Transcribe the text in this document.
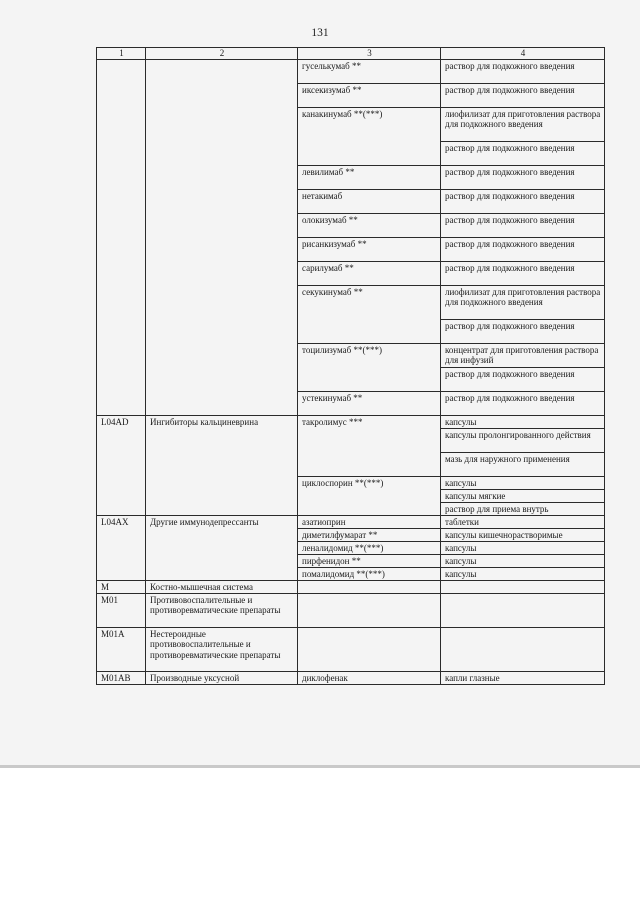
131
1	2	3	4
		гуселькумаб **	раствор для подкожного введения
		иксекизумаб **	раствор для подкожного введения
		канакинумаб **(***)	лиофилизат для приготовления раствора для подкожного введения
			раствор для подкожного введения
		левилимаб **	раствор для подкожного введения
		нетакимаб	раствор для подкожного введения
		олокизумаб **	раствор для подкожного введения
		рисанкизумаб **	раствор для подкожного введения
		сарилумаб **	раствор для подкожного введения
		секукинумаб **	лиофилизат для приготовления раствора для подкожного введения
			раствор для подкожного введения
		тоцилизумаб **(***)	концентрат для приготовления раствора для инфузий
			раствор для подкожного введения
		устекинумаб **	раствор для подкожного введения
L04AD	Ингибиторы кальциневрина	такролимус ***	капсулы
			капсулы пролонгированного действия
			мазь для наружного применения
		циклоспорин **(***)	капсулы
			капсулы мягкие
			раствор для приема внутрь
L04AX	Другие иммунодепрессанты	азатиоприн	таблетки
		диметилфумарат **	капсулы кишечнорастворимые
		леналидомид **(***)	капсулы
		пирфенидон **	капсулы
		помалидомид **(***)	капсулы
M	Костно-мышечная система		
M01	Противовоспалительные и противоревматические препараты		
M01A	Нестероидные противовоспалительные и противоревматические препараты		
M01AB	Производные уксусной	диклофенак	капли глазные
